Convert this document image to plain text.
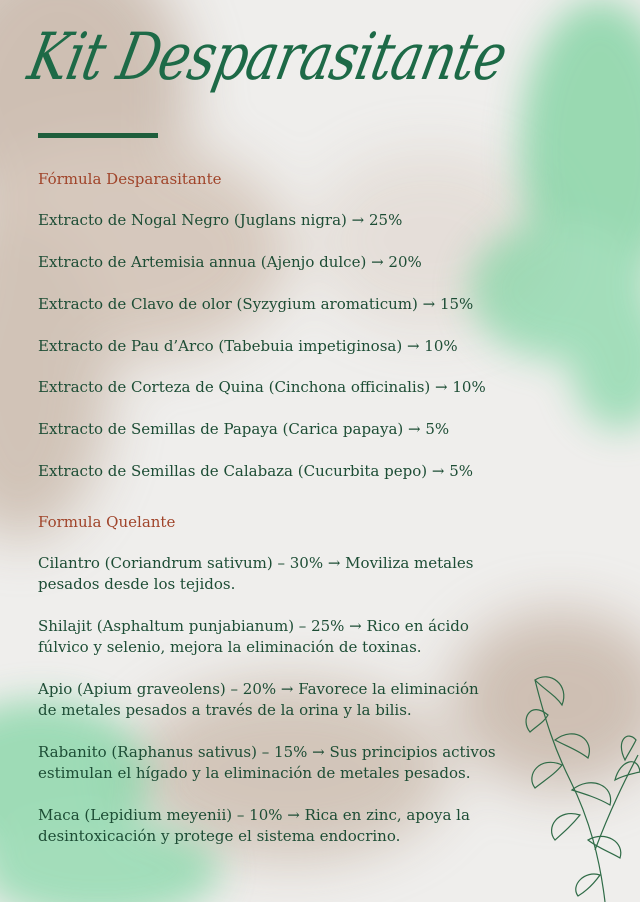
Kit Desparasitante
Fórmula Desparasitante
Extracto de Nogal Negro (Juglans nigra) → 25%
Extracto de Artemisia annua (Ajenjo dulce) → 20%
Extracto de Clavo de olor (Syzygium aromaticum) → 15%
Extracto de Pau d’Arco (Tabebuia impetiginosa) → 10%
Extracto de Corteza de Quina (Cinchona officinalis) → 10%
Extracto de Semillas de Papaya (Carica papaya) → 5%
Extracto de Semillas de Calabaza (Cucurbita pepo) → 5%
Formula Quelante
Cilantro (Coriandrum sativum) – 30% → Moviliza metales
pesados desde los tejidos.
Shilajit (Asphaltum punjabianum) – 25% → Rico en ácido
fúlvico y selenio, mejora la eliminación de toxinas.
Apio (Apium graveolens) – 20% → Favorece la eliminación
de metales pesados a través de la orina y la bilis.
Rabanito (Raphanus sativus) – 15% → Sus principios activos
estimulan el hígado y la eliminación de metales pesados.
Maca (Lepidium meyenii) – 10% → Rica en zinc, apoya la
desintoxicación y protege el sistema endocrino.
